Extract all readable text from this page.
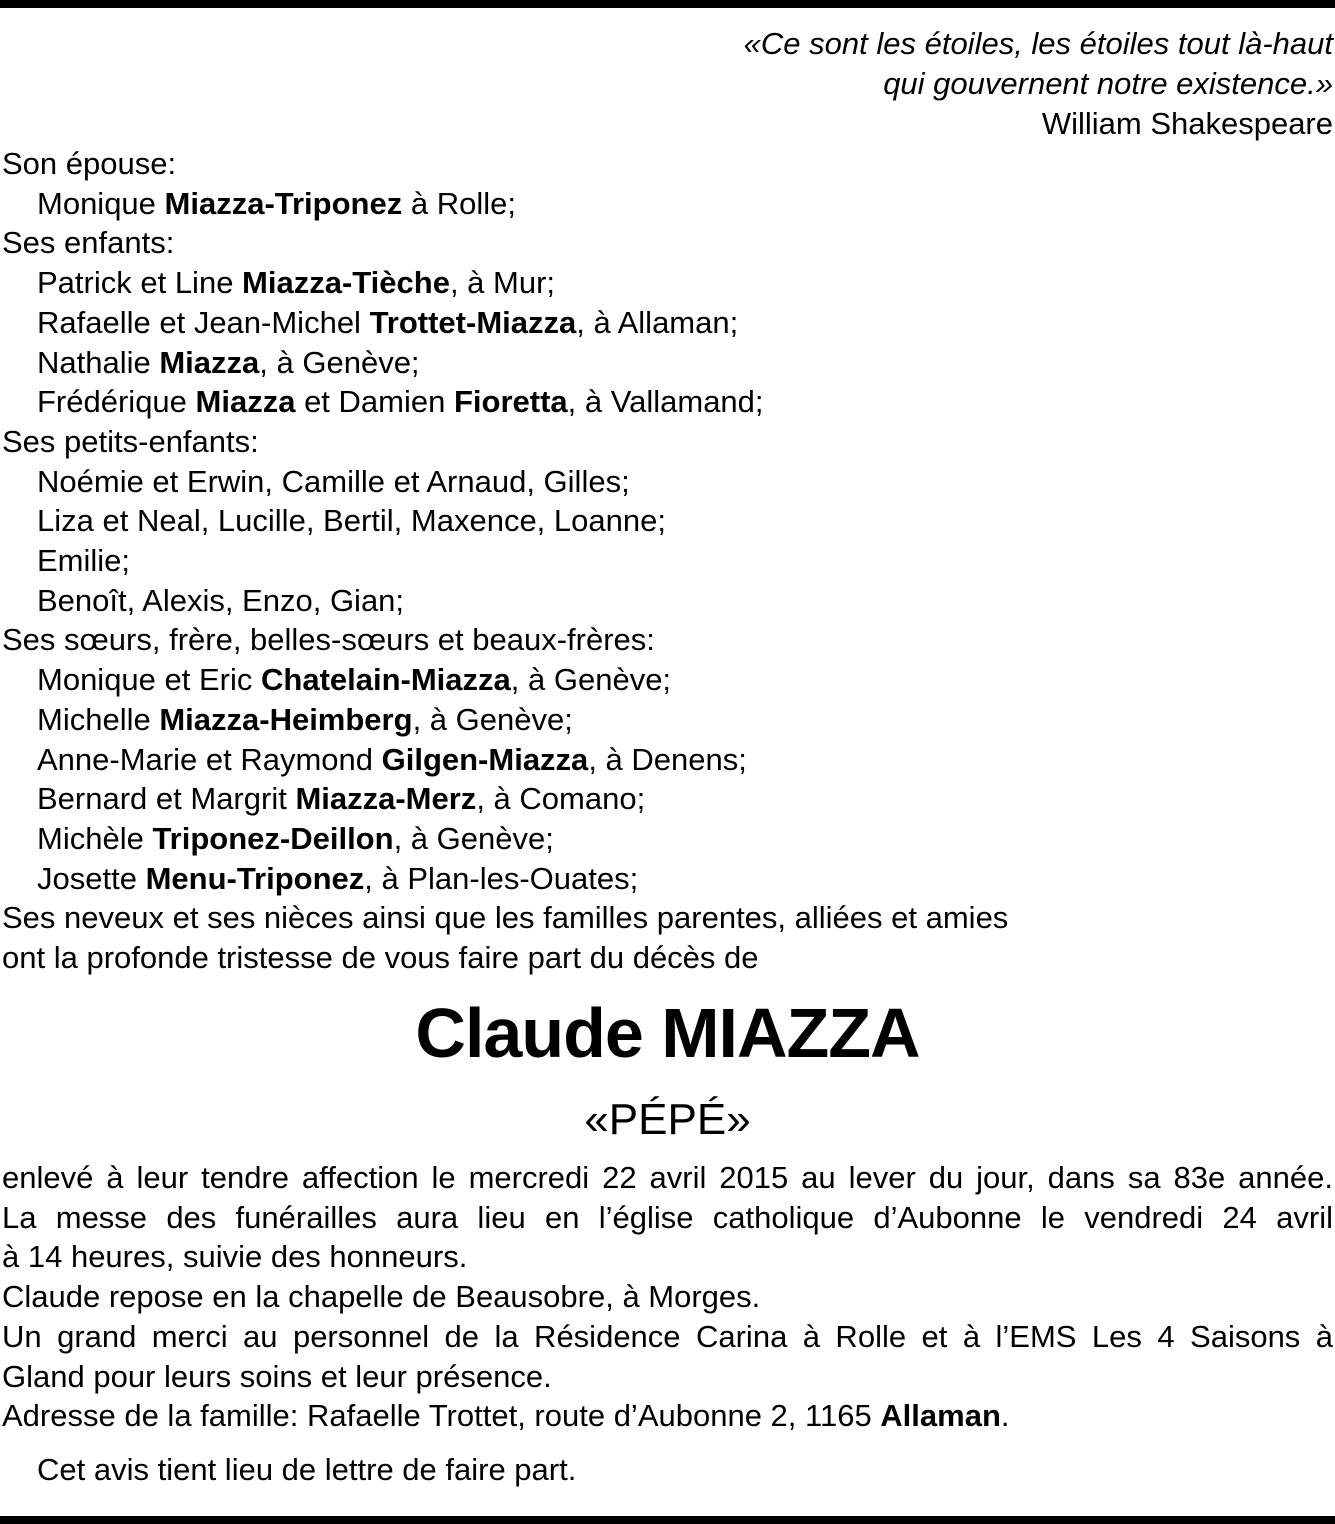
«Ce sont les étoiles, les étoiles tout là-haut
qui gouvernent notre existence.»
William Shakespeare
Son épouse:
Monique Miazza-Triponez à Rolle;
Ses enfants:
Patrick et Line Miazza-Tièche, à Mur;
Rafaelle et Jean-Michel Trottet-Miazza, à Allaman;
Nathalie Miazza, à Genève;
Frédérique Miazza et Damien Fioretta, à Vallamand;
Ses petits-enfants:
Noémie et Erwin, Camille et Arnaud, Gilles;
Liza et Neal, Lucille, Bertil, Maxence, Loanne;
Emilie;
Benoît, Alexis, Enzo, Gian;
Ses sœurs, frère, belles-sœurs et beaux-frères:
Monique et Eric Chatelain-Miazza, à Genève;
Michelle Miazza-Heimberg, à Genève;
Anne-Marie et Raymond Gilgen-Miazza, à Denens;
Bernard et Margrit Miazza-Merz, à Comano;
Michèle Triponez-Deillon, à Genève;
Josette Menu-Triponez, à Plan-les-Ouates;
Ses neveux et ses nièces ainsi que les familles parentes, alliées et amies
ont la profonde tristesse de vous faire part du décès de
Claude MIAZZA
«PÉPÉ»
enlevé à leur tendre affection le mercredi 22 avril 2015 au lever du jour, dans sa 83e année.
La messe des funérailles aura lieu en l’église catholique d’Aubonne le vendredi 24 avril
à 14 heures, suivie des honneurs.
Claude repose en la chapelle de Beausobre, à Morges.
Un grand merci au personnel de la Résidence Carina à Rolle et à l’EMS Les 4 Saisons à
Gland pour leurs soins et leur présence.
Adresse de la famille: Rafaelle Trottet, route d’Aubonne 2, 1165 Allaman.
Cet avis tient lieu de lettre de faire part.
